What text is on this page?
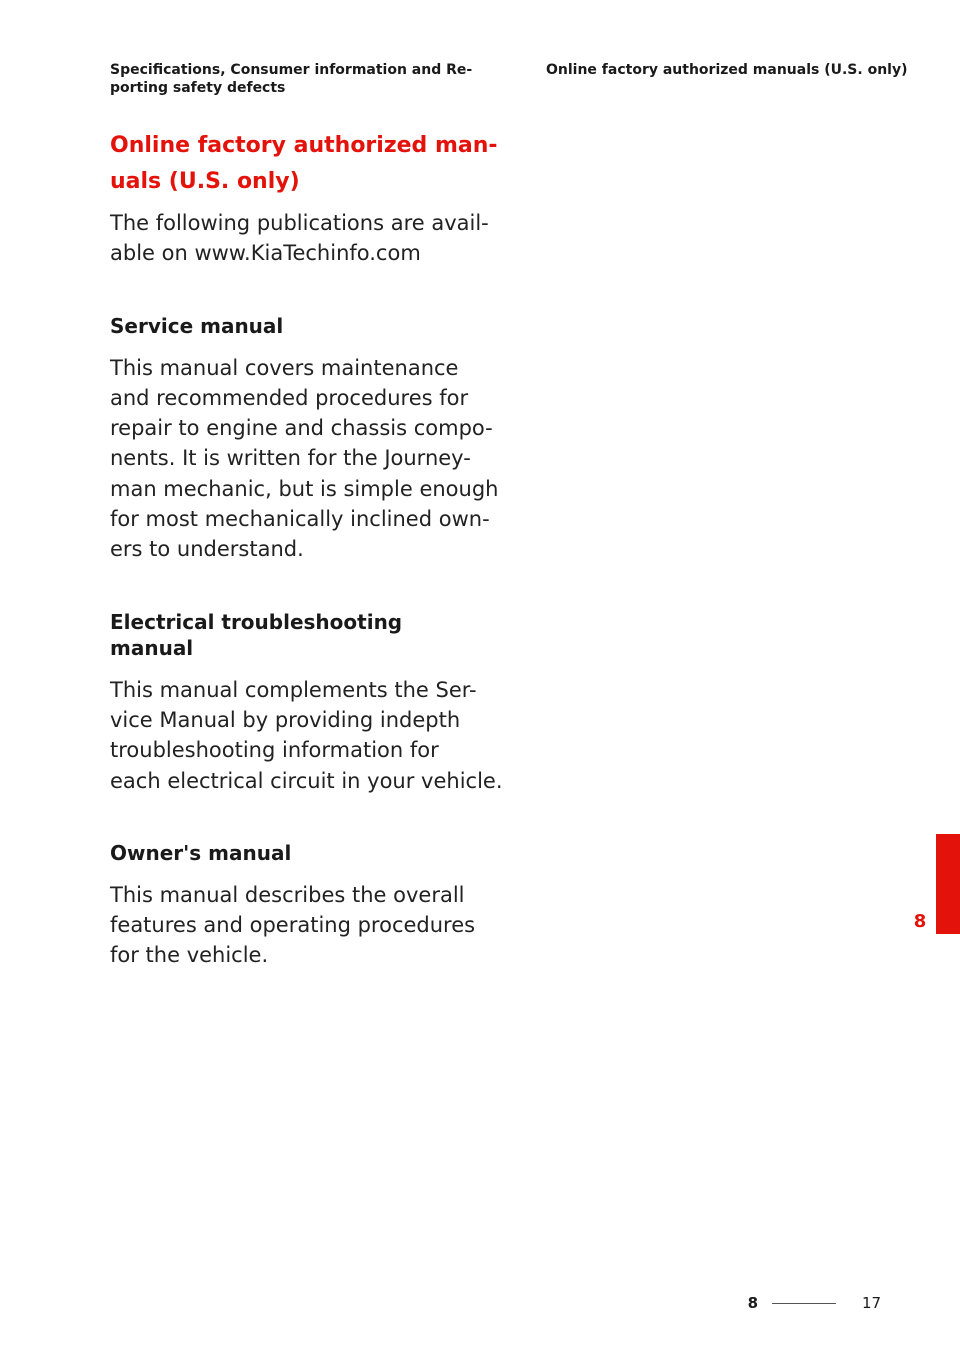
Specifications, Consumer information and Re-
porting safety defects
Online factory authorized manuals (U.S. only)
Online factory authorized man-
uals (U.S. only)

The following publications are avail-
able on www.KiaTechinfo.com

Service manual

This manual covers maintenance
and recommended procedures for
repair to engine and chassis compo-
nents. It is written for the Journey-
man mechanic, but is simple enough
for most mechanically inclined own-
ers to understand.

Electrical troubleshooting manual

This manual complements the Ser-
vice Manual by providing indepth
troubleshooting information for
each electrical circuit in your vehicle.

Owner's manual

This manual describes the overall
features and operating procedures
for the vehicle.

8
8	17
